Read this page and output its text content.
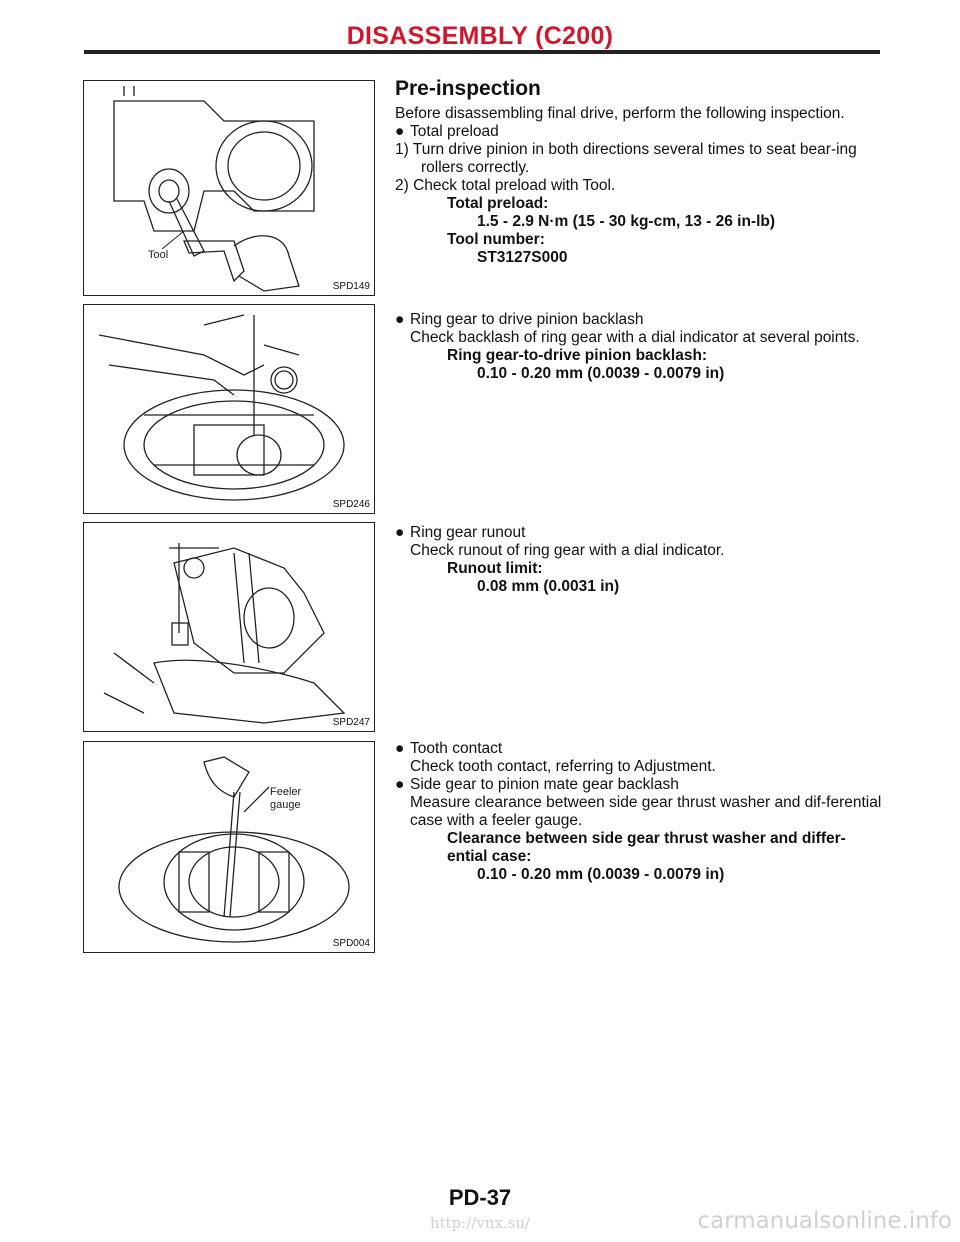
DISASSEMBLY (C200)
Tool
SPD149
SPD246
SPD247
Feeler
gauge
SPD004

Pre-inspection

Before disassembling final drive, perform the following inspection.

● Total preload

1) Turn drive pinion in both directions several times to seat bear-ing rollers correctly.

2) Check total preload with Tool.

Total preload:

1.5 - 2.9 N·m (15 - 30 kg-cm, 13 - 26 in-lb)

Tool number:

ST3127S000

● Ring gear to drive pinion backlash

Check backlash of ring gear with a dial indicator at several points.

Ring gear-to-drive pinion backlash:

0.10 - 0.20 mm (0.0039 - 0.0079 in)

● Ring gear runout

Check runout of ring gear with a dial indicator.

Runout limit:

0.08 mm (0.0031 in)

● Tooth contact

Check tooth contact, referring to Adjustment.

● Side gear to pinion mate gear backlash

Measure clearance between side gear thrust washer and dif-ferential case with a feeler gauge.

Clearance between side gear thrust washer and differ-ential case:

0.10 - 0.20 mm (0.0039 - 0.0079 in)

PD-37
http://vnx.su/	carmanualsonline.info
